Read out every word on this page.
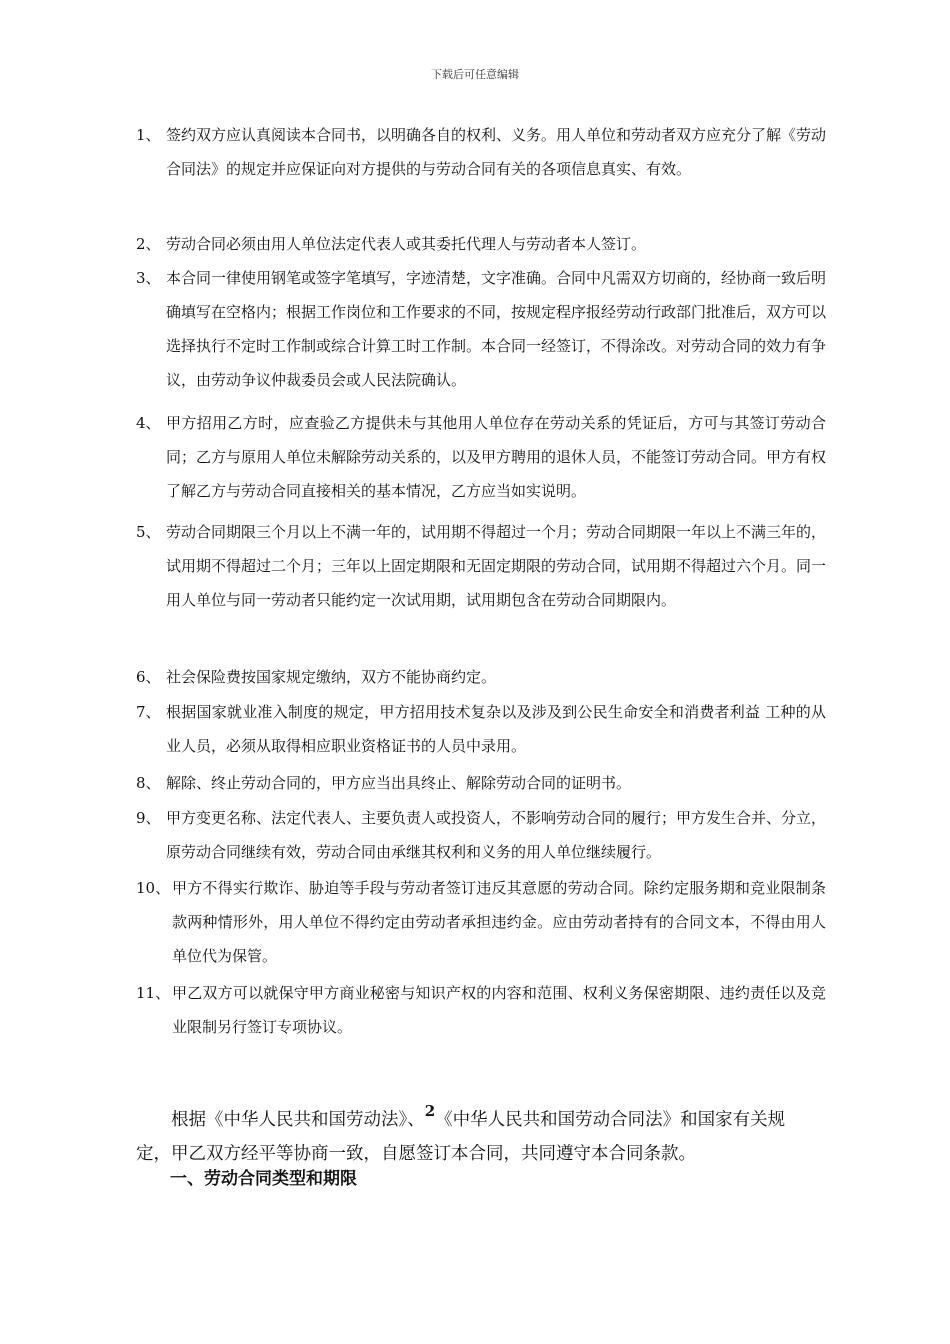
下载后可任意编辑
1、 签约双方应认真阅读本合同书，以明确各自的权利、义务。用人单位和劳动者双方应充分了解《劳动合同法》的规定并应保证向对方提供的与劳动合同有关的各项信息真实、有效。
2、 劳动合同必须由用人单位法定代表人或其委托代理人与劳动者本人签订。
3、 本合同一律使用钢笔或签字笔填写，字迹清楚，文字准确。合同中凡需双方切商的，经协商一致后明确填写在空格内；根据工作岗位和工作要求的不同，按规定程序报经劳动行政部门批准后，双方可以选择执行不定时工作制或综合计算工时工作制。本合同一经签订，不得涂改。对劳动合同的效力有争议，由劳动争议仲裁委员会或人民法院确认。
4、 甲方招用乙方时，应查验乙方提供未与其他用人单位存在劳动关系的凭证后，方可与其签订劳动合同；乙方与原用人单位未解除劳动关系的，以及甲方聘用的退休人员，不能签订劳动合同。甲方有权了解乙方与劳动合同直接相关的基本情况，乙方应当如实说明。
5、 劳动合同期限三个月以上不满一年的，试用期不得超过一个月；劳动合同期限一年以上不满三年的，试用期不得超过二个月；三年以上固定期限和无固定期限的劳动合同，试用期不得超过六个月。同一用人单位与同一劳动者只能约定一次试用期，试用期包含在劳动合同期限内。
6、 社会保险费按国家规定缴纳，双方不能协商约定。
7、 根据国家就业准入制度的规定，甲方招用技术复杂以及涉及到公民生命安全和消费者利益 工种的从业人员，必须从取得相应职业资格证书的人员中录用。
8、 解除、终止劳动合同的，甲方应当出具终止、解除劳动合同的证明书。
9、 甲方变更名称、法定代表人、主要负责人或投资人，不影响劳动合同的履行；甲方发生合并、分立，原劳动合同继续有效，劳动合同由承继其权利和义务的用人单位继续履行。
10、 甲方不得实行欺诈、胁迫等手段与劳动者签订违反其意愿的劳动合同。除约定服务期和竞业限制条款两种情形外，用人单位不得约定由劳动者承担违约金。应由劳动者持有的合同文本，不得由用人单位代为保管。
11、 甲乙双方可以就保守甲方商业秘密与知识产权的内容和范围、权利义务保密期限、违约责任以及竞业限制另行签订专项协议。
根据《中华人民共和国劳动法》、2《中华人民共和国劳动合同法》和国家有关规定，甲乙双方经平等协商一致，自愿签订本合同，共同遵守本合同条款。
一、劳动合同类型和期限
